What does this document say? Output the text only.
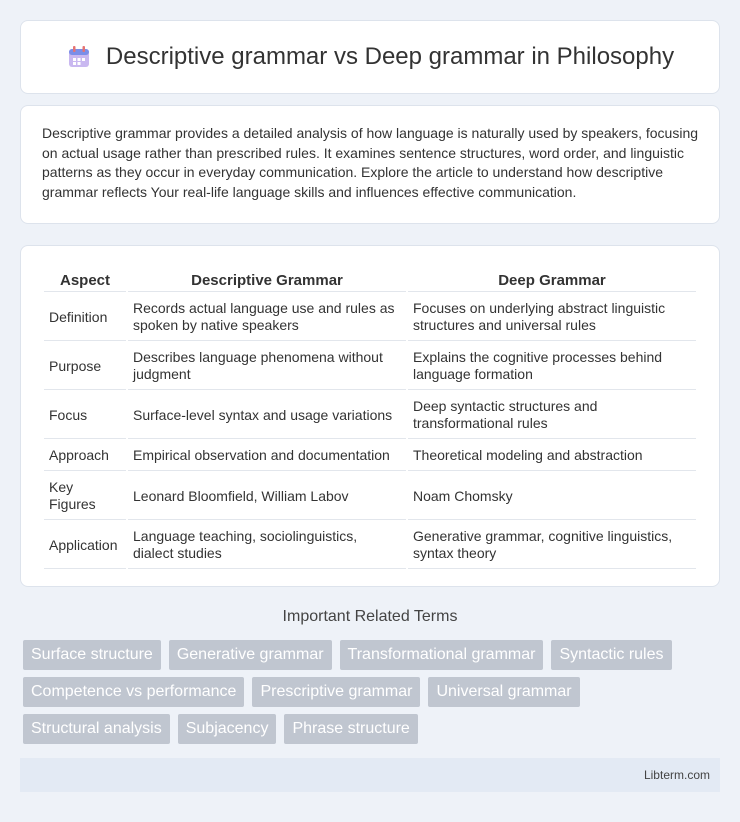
Descriptive grammar vs Deep grammar in Philosophy

Descriptive grammar provides a detailed analysis of how language is naturally used by speakers, focusing on actual usage rather than prescribed rules. It examines sentence structures, word order, and linguistic patterns as they occur in everyday communication. Explore the article to understand how descriptive grammar reflects Your real-life language skills and influences effective communication.

Aspect	Descriptive Grammar	Deep Grammar
Definition	Records actual language use and rules as spoken by native speakers	Focuses on underlying abstract linguistic structures and universal rules
Purpose	Describes language phenomena without judgment	Explains the cognitive processes behind language formation
Focus	Surface-level syntax and usage variations	Deep syntactic structures and transformational rules
Approach	Empirical observation and documentation	Theoretical modeling and abstraction
Key Figures	Leonard Bloomfield, William Labov	Noam Chomsky
Application	Language teaching, sociolinguistics, dialect studies	Generative grammar, cognitive linguistics, syntax theory
Important Related Terms
Surface structure	Generative grammar	Transformational grammar	Syntactic rules
Competence vs performance	Prescriptive grammar	Universal grammar
Structural analysis	Subjacency	Phrase structure
Libterm.com
